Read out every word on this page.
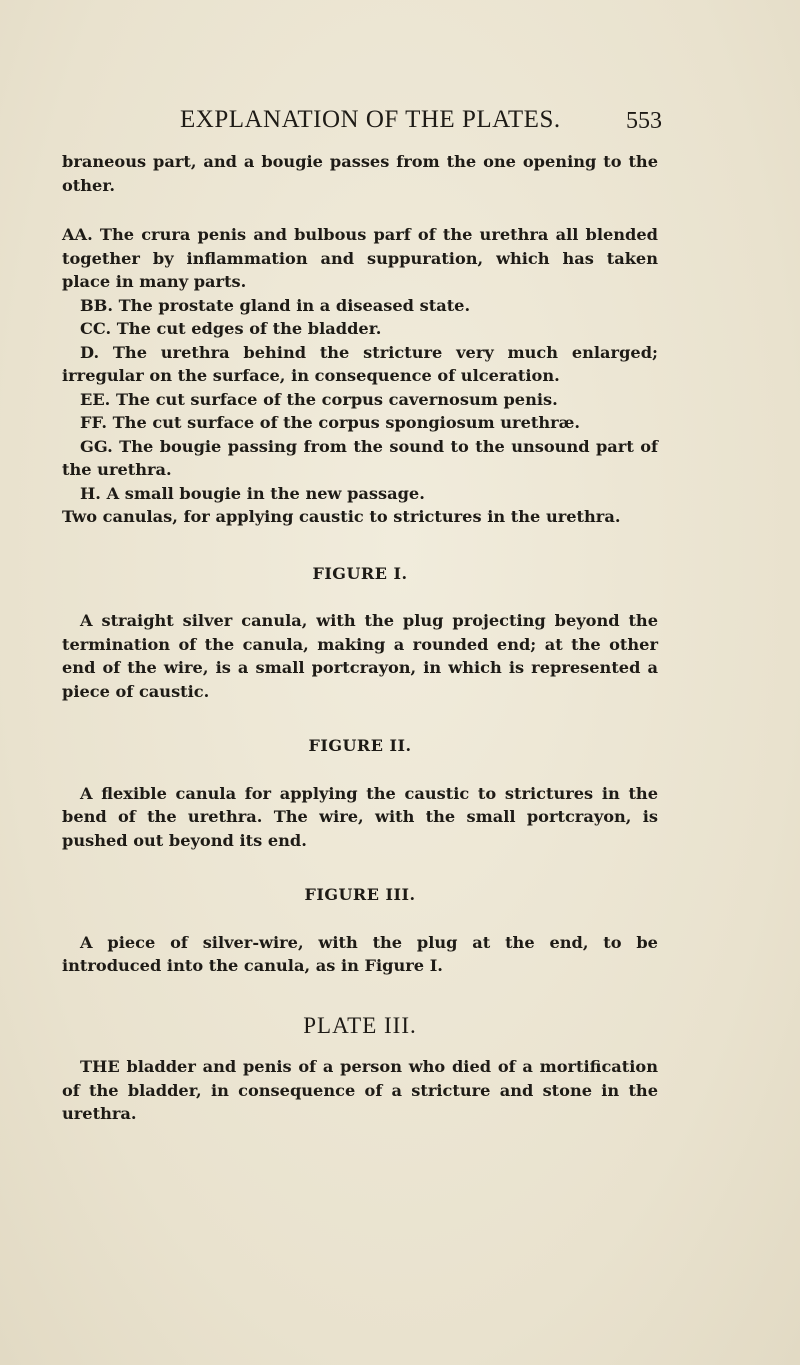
EXPLANATION OF THE PLATES.	553

braneous part, and a bougie passes from the one opening to the other.

AA. The crura penis and bulbous parf of the urethra all blended together by inflammation and suppuration, which has taken place in many parts.

BB. The prostate gland in a diseased state.

CC. The cut edges of the bladder.

D. The urethra behind the stricture very much enlarged; irregular on the surface, in consequence of ulceration.

EE. The cut surface of the corpus cavernosum penis.

FF. The cut surface of the corpus spongiosum urethræ.

GG. The bougie passing from the sound to the unsound part of the urethra.

H. A small bougie in the new passage.

Two canulas, for applying caustic to strictures in the urethra.

FIGURE I.

A straight silver canula, with the plug projecting beyond the termination of the canula, making a rounded end; at the other end of the wire, is a small portcrayon, in which is represented a piece of caustic.

FIGURE II.

A flexible canula for applying the caustic to strictures in the bend of the urethra. The wire, with the small portcrayon, is pushed out beyond its end.

FIGURE III.

A piece of silver-wire, with the plug at the end, to be introduced into the canula, as in Figure I.

PLATE III.

THE bladder and penis of a person who died of a mortification of the bladder, in consequence of a stricture and stone in the urethra.
